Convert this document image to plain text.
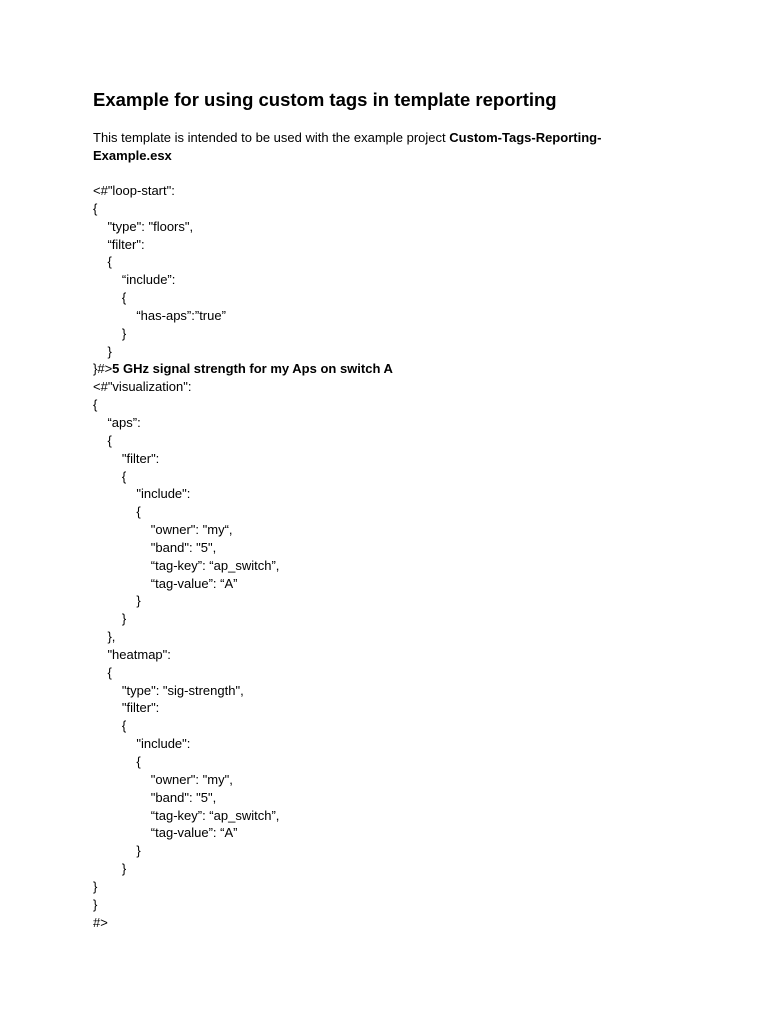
Example for using custom tags in template reporting

This template is intended to be used with the example project Custom-Tags-Reporting-Example.esx

<#"loop-start":
{
"type": "floors",
“filter":
{
“include”:
{
“has-aps”:”true”
}
}
}#>5 GHz signal strength for my Aps on switch A
<#"visualization":
{
“aps”:
{
"filter":
{
"include":
{
"owner": "my“,
"band": "5",
“tag-key”: “ap_switch”,
“tag-value”: “A”
}
}
},
"heatmap":
{
"type": "sig-strength",
"filter":
{
"include":
{
"owner": "my",
"band": "5",
“tag-key”: “ap_switch”,
“tag-value”: “A”
}
}
}
}
#>
